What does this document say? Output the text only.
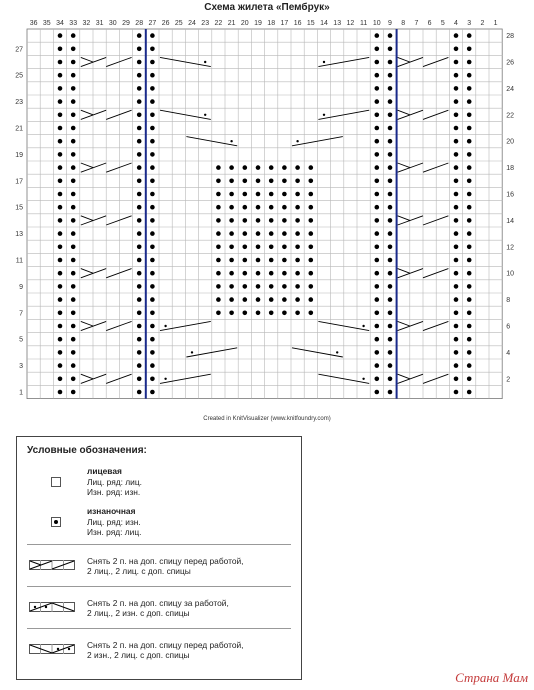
Схема жилета «Пембрук»
36 35 34 33 32 31 30 29 28 27 26 25 24 23 22 21 20 19 18 17 16 15 14 13 12 11 10 9 8 7 6 5 4 3 2 1
27
25
23
21
19
17
15
13
11
9
7
5
3
1
28
26
24
22
20
18
16
14
12
10
8
6
4
2
Created in KnitVisualizer (www.knitfoundry.com)
Условные обозначения:
лицевая
Лиц. ряд: лиц.
Изн. ряд: изн.
изнаночная
Лиц. ряд: изн.
Изн. ряд: лиц.
Снять 2 п. на доп. спицу перед работой,
2 лиц., 2 лиц. с доп. спицы
Снять 2 п. на доп. спицу за работой,
2 лиц., 2 изн. с доп. спицы
Снять 2 п. на доп. спицу перед работой,
2 изн., 2 лиц. с доп. спицы
Страна Мам
